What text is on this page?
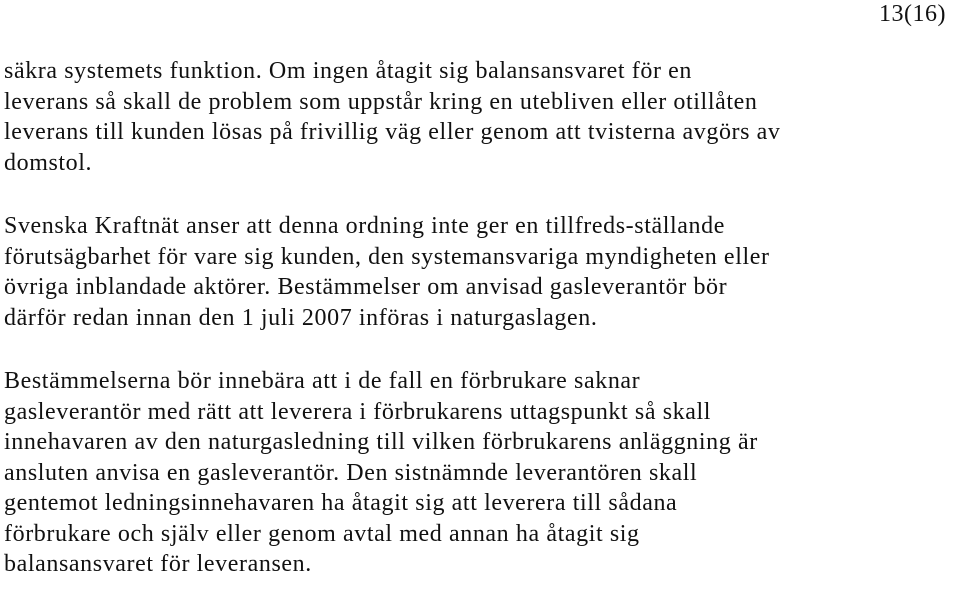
13(16)

säkra systemets funktion. Om ingen åtagit sig balansansvaret för en
leverans så skall de problem som uppstår kring en utebliven eller otillåten
leverans till kunden lösas på frivillig väg eller genom att tvisterna avgörs av
domstol.

Svenska Kraftnät anser att denna ordning inte ger en tillfreds-ställande
förutsägbarhet för vare sig kunden, den systemansvariga myndigheten eller
övriga inblandade aktörer. Bestämmelser om anvisad gasleverantör bör
därför redan innan den 1 juli 2007 införas i naturgaslagen.

Bestämmelserna bör innebära att i de fall en förbrukare saknar
gasleverantör med rätt att leverera i förbrukarens uttagspunkt så skall
innehavaren av den naturgasledning till vilken förbrukarens anläggning är
ansluten anvisa en gasleverantör. Den sistnämnde leverantören skall
gentemot ledningsinnehavaren ha åtagit sig att leverera till sådana
förbrukare och själv eller genom avtal med annan ha åtagit sig
balansansvaret för leveransen.
